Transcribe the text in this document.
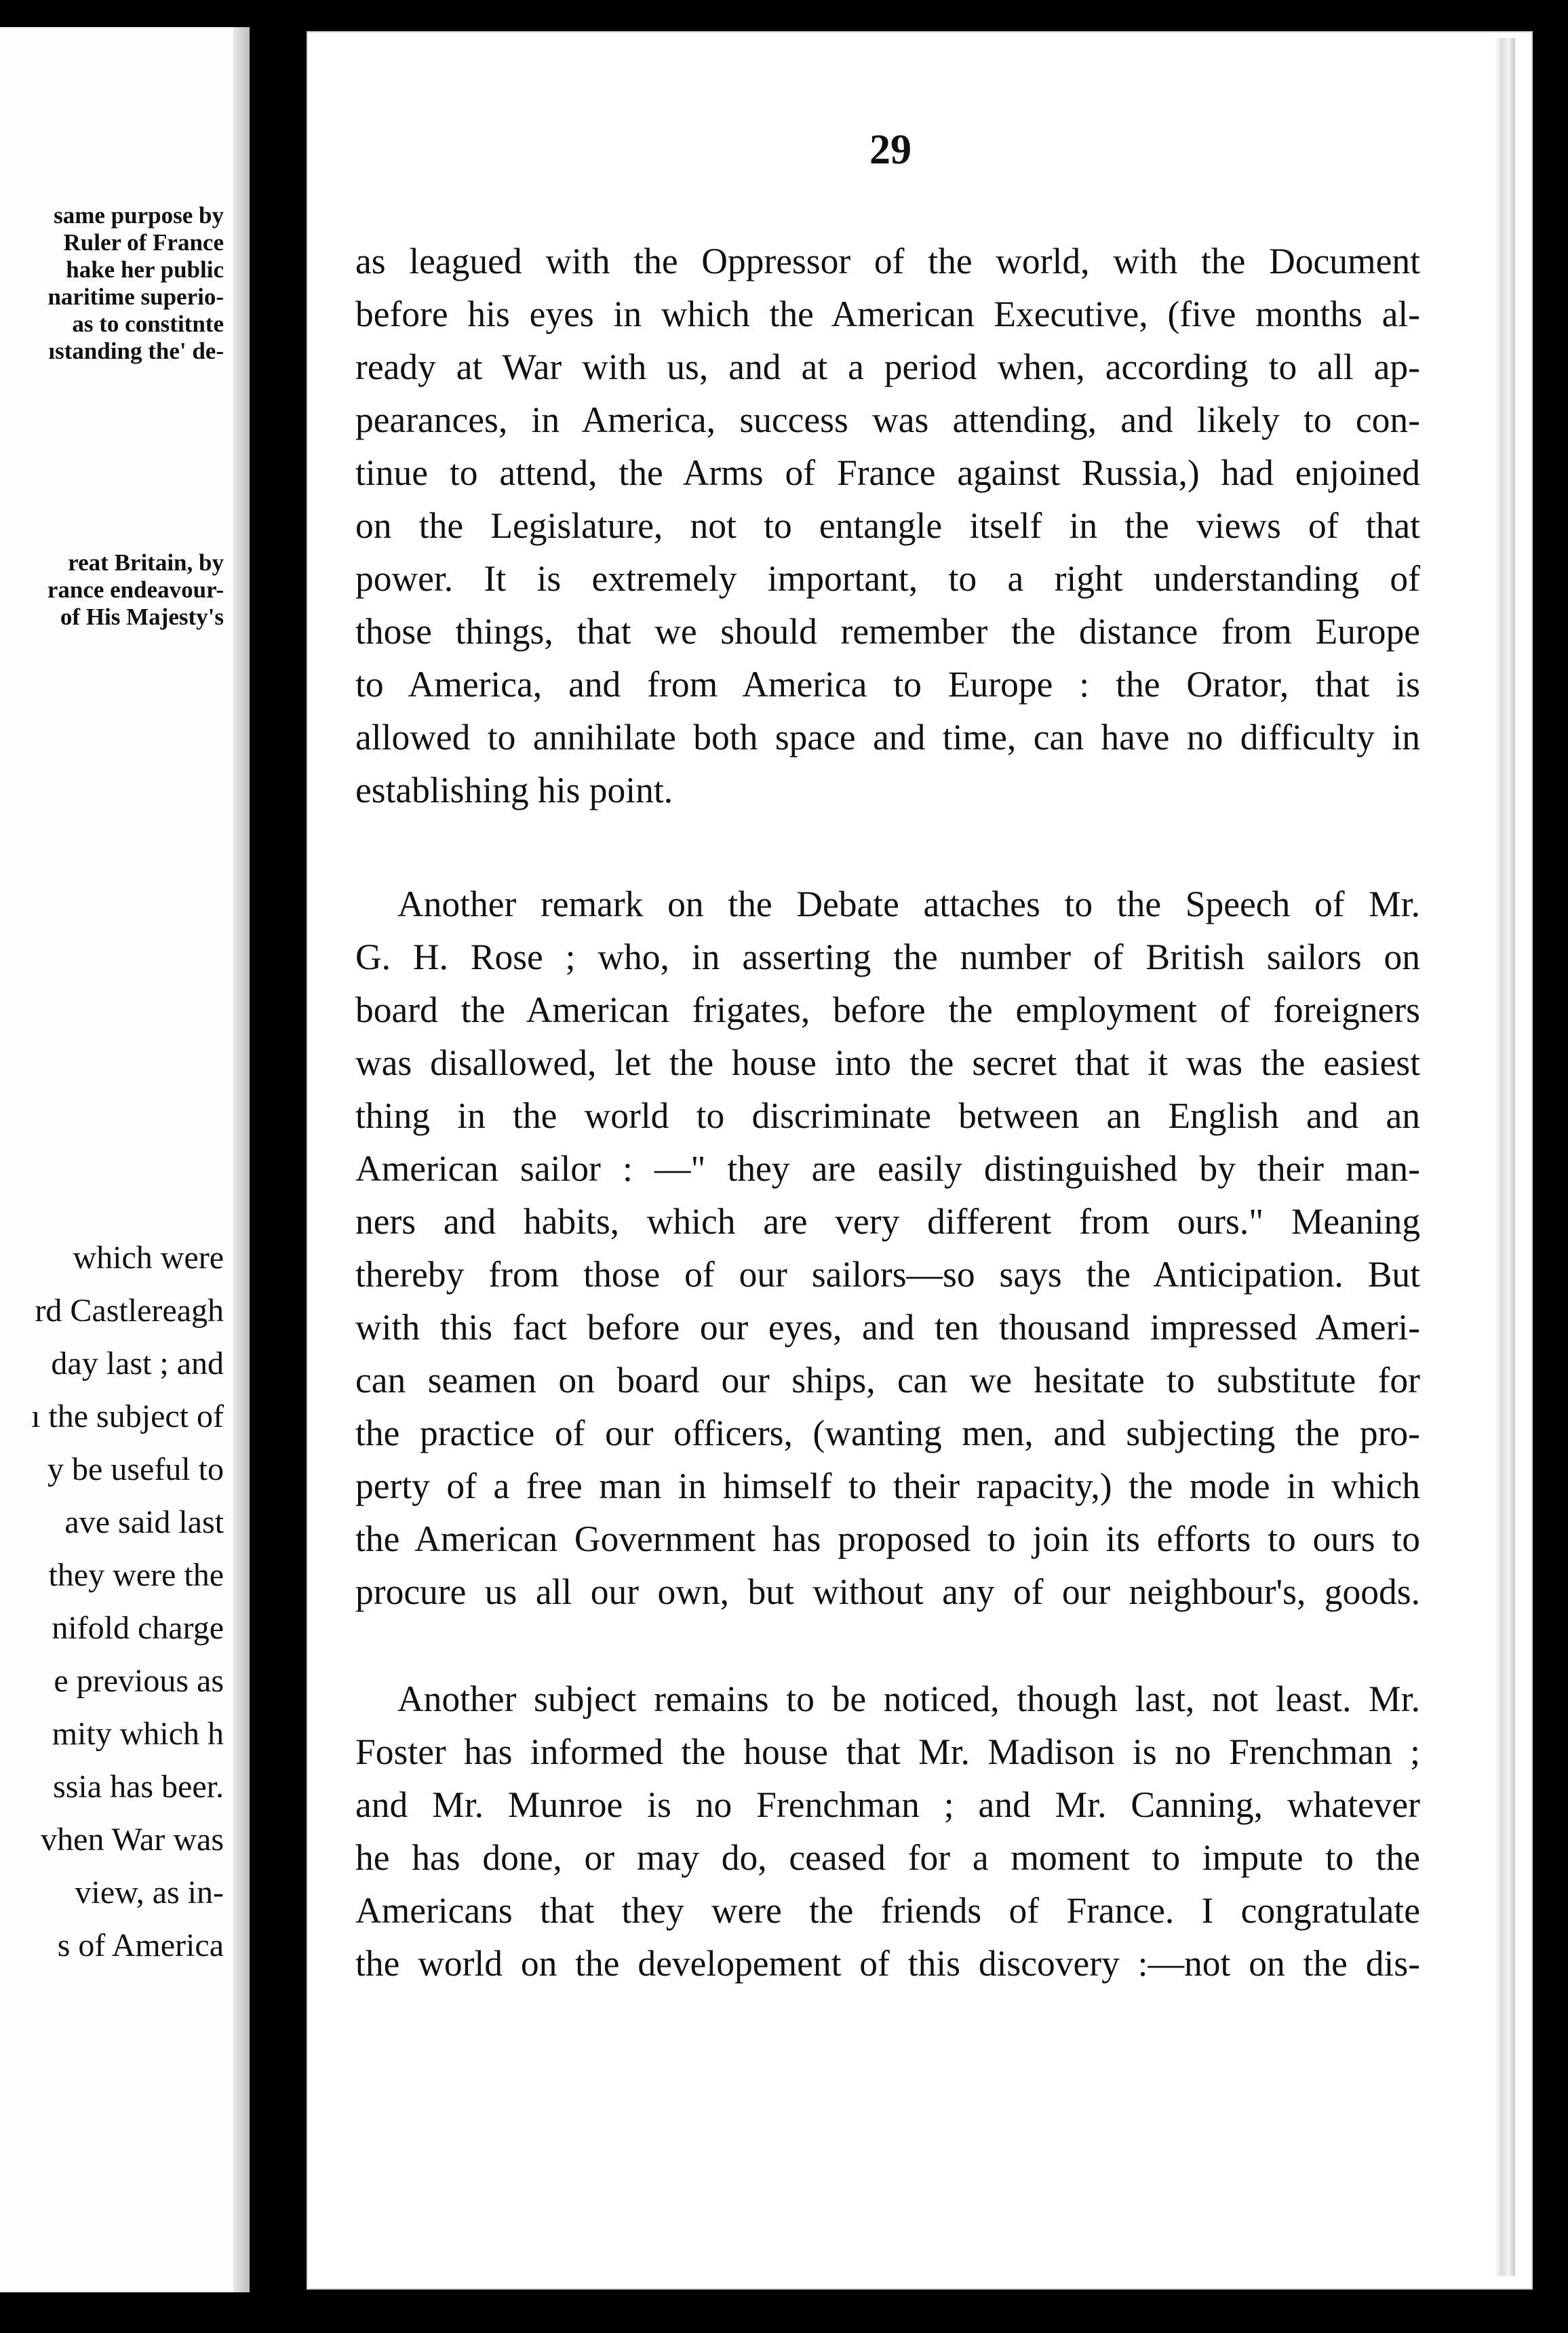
same purpose by
Ruler of France
hake her public
naritime superio-
as to constitnte
ıstanding the' de-
reat Britain, by
rance endeavour-
of His Majesty's
which were
rd Castlereagh
day last ; and
ı the subject of
y be useful to
ave said last
they were the
nifold charge
e previous as
mity which h
ssia has beer.
vhen War was
view, as in-
s of America
29
as leagued with the Oppressor of the world, with the Document
before his eyes in which the American Executive, (five months al-
ready at War with us, and at a period when, according to all ap-
pearances, in America, success was attending, and likely to con-
tinue to attend, the Arms of France against Russia,) had enjoined
on the Legislature, not to entangle itself in the views of that
power. It is extremely important, to a right understanding of
those things, that we should remember the distance from Europe
to America, and from America to Europe : the Orator, that is
allowed to annihilate both space and time, can have no difficulty in
establishing his point.
Another remark on the Debate attaches to the Speech of Mr.
G. H. Rose ; who, in asserting the number of British sailors on
board the American frigates, before the employment of foreigners
was disallowed, let the house into the secret that it was the easiest
thing in the world to discriminate between an English and an
American sailor : —" they are easily distinguished by their man-
ners and habits, which are very different from ours." Meaning
thereby from those of our sailors—so says the Anticipation. But
with this fact before our eyes, and ten thousand impressed Ameri-
can seamen on board our ships, can we hesitate to substitute for
the practice of our officers, (wanting men, and subjecting the pro-
perty of a free man in himself to their rapacity,) the mode in which
the American Government has proposed to join its efforts to ours to
procure us all our own, but without any of our neighbour's, goods.
Another subject remains to be noticed, though last, not least. Mr.
Foster has informed the house that Mr. Madison is no Frenchman ;
and Mr. Munroe is no Frenchman ; and Mr. Canning, whatever
he has done, or may do, ceased for a moment to impute to the
Americans that they were the friends of France. I congratulate
the world on the developement of this discovery :—not on the dis-
